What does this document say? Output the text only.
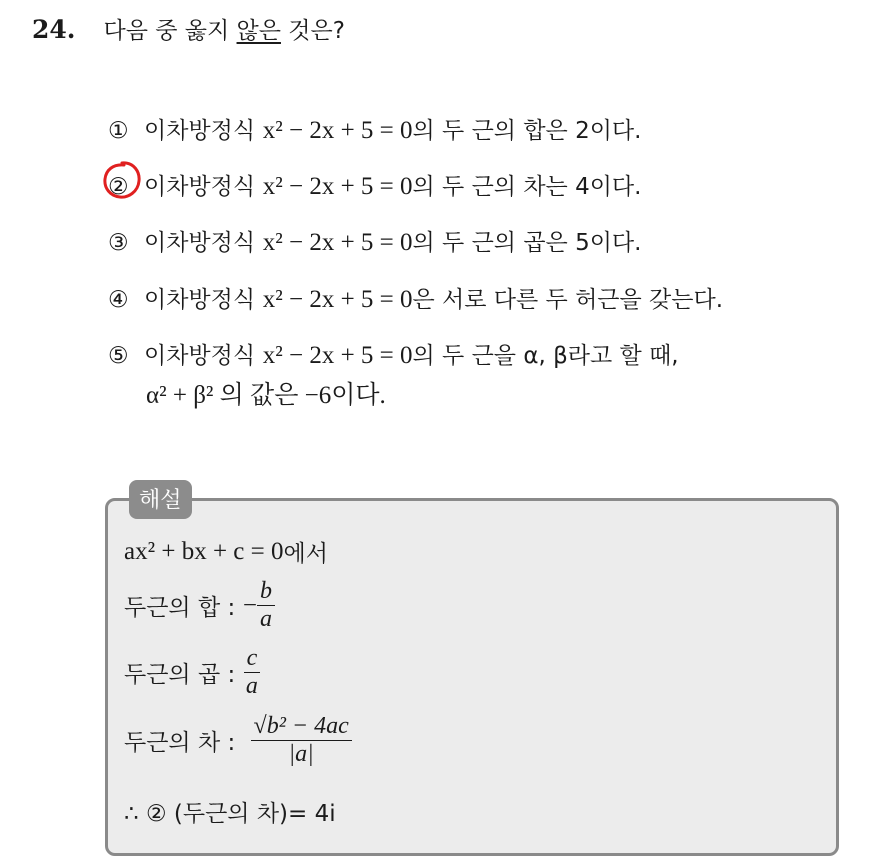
24. 다음 중 옳지 않은 것은?
① 이차방정식
x² − 2x + 5 = 0 의 두 근의 합은 2이다.
② 이차방정식
x² − 2x + 5 = 0 의 두 근의 차는 4이다.
③ 이차방정식
x² − 2x + 5 = 0 의 두 근의 곱은 5이다.
④ 이차방정식
x² − 2x + 5 = 0 은 서로 다른 두 허근을 갖는다.
⑤ 이차방정식
x² − 2x + 5 = 0 의 두 근을 α, β라고 할 때,
α² + β² 의 값은 −6이다.
해설
ax² + bx + c = 0 에서
두근의 합 :
− $\frac{b}{a}$
두근의 곱 :
$\frac{c}{a}$
두근의 차 :
$\frac{\text{√b² − 4ac}}{|a|}$
∴ ② (두근의 차)= 4i
